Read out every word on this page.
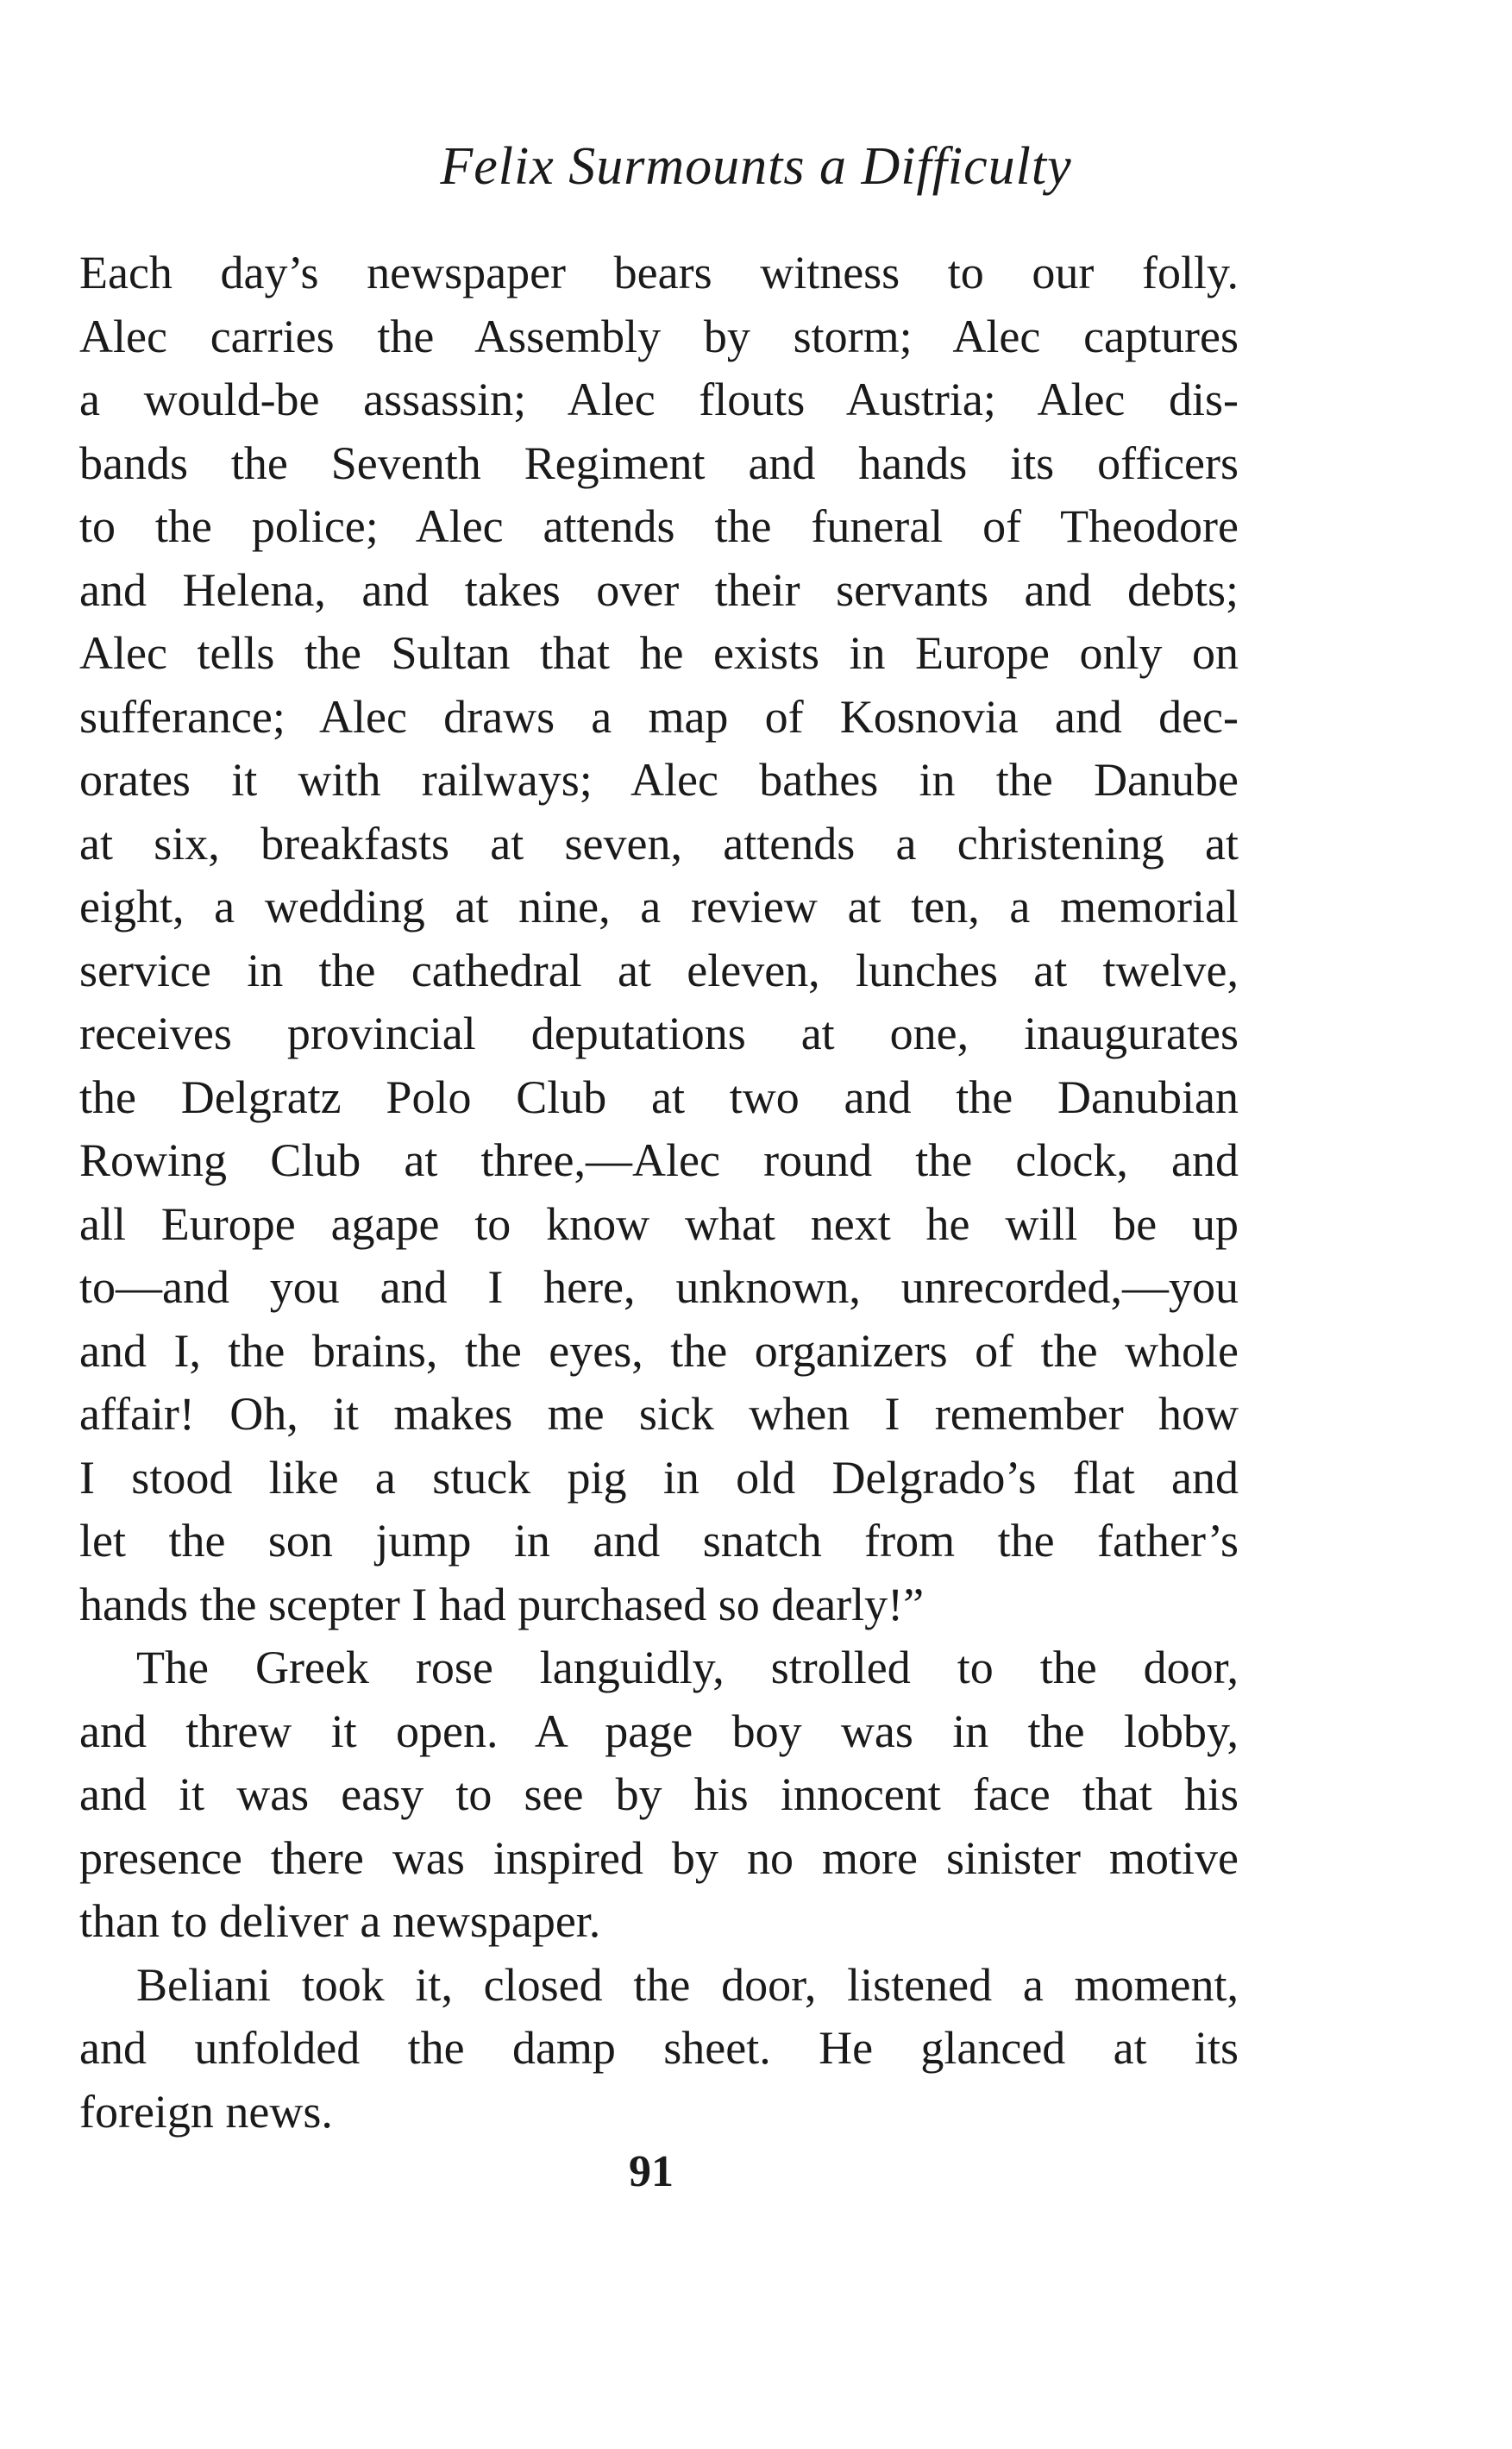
Felix Surmounts a Difficulty
Each day’s newspaper bears witness to our folly.
Alec carries the Assembly by storm; Alec captures
a would-be assassin; Alec flouts Austria; Alec dis-
bands the Seventh Regiment and hands its officers
to the police; Alec attends the funeral of Theodore
and Helena, and takes over their servants and debts;
Alec tells the Sultan that he exists in Europe only on
sufferance; Alec draws a map of Kosnovia and dec-
orates it with railways; Alec bathes in the Danube
at six, breakfasts at seven, attends a christening at
eight, a wedding at nine, a review at ten, a memorial
service in the cathedral at eleven, lunches at twelve,
receives provincial deputations at one, inaugurates
the Delgratz Polo Club at two and the Danubian
Rowing Club at three,—Alec round the clock, and
all Europe agape to know what next he will be up
to—and you and I here, unknown, unrecorded,—you
and I, the brains, the eyes, the organizers of the whole
affair! Oh, it makes me sick when I remember how
I stood like a stuck pig in old Delgrado’s flat and
let the son jump in and snatch from the father’s
hands the scepter I had purchased so dearly!”
The Greek rose languidly, strolled to the door,
and threw it open. A page boy was in the lobby,
and it was easy to see by his innocent face that his
presence there was inspired by no more sinister motive
than to deliver a newspaper.
Beliani took it, closed the door, listened a moment,
and unfolded the damp sheet. He glanced at its
foreign news.
91
